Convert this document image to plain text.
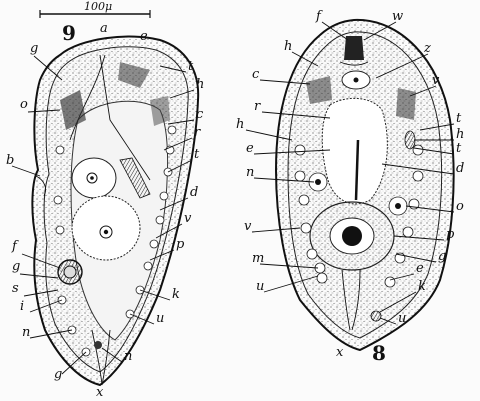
100μ
9 a
e
g
t
h
c
o
r
t
b
d
v
p
f
g
k
s
i
u
n
n
g
x
f	w
h	z
c	v
r
h	t
h
t
e
n	d
o
v
p
g
m
e
k
u
u
x 8
